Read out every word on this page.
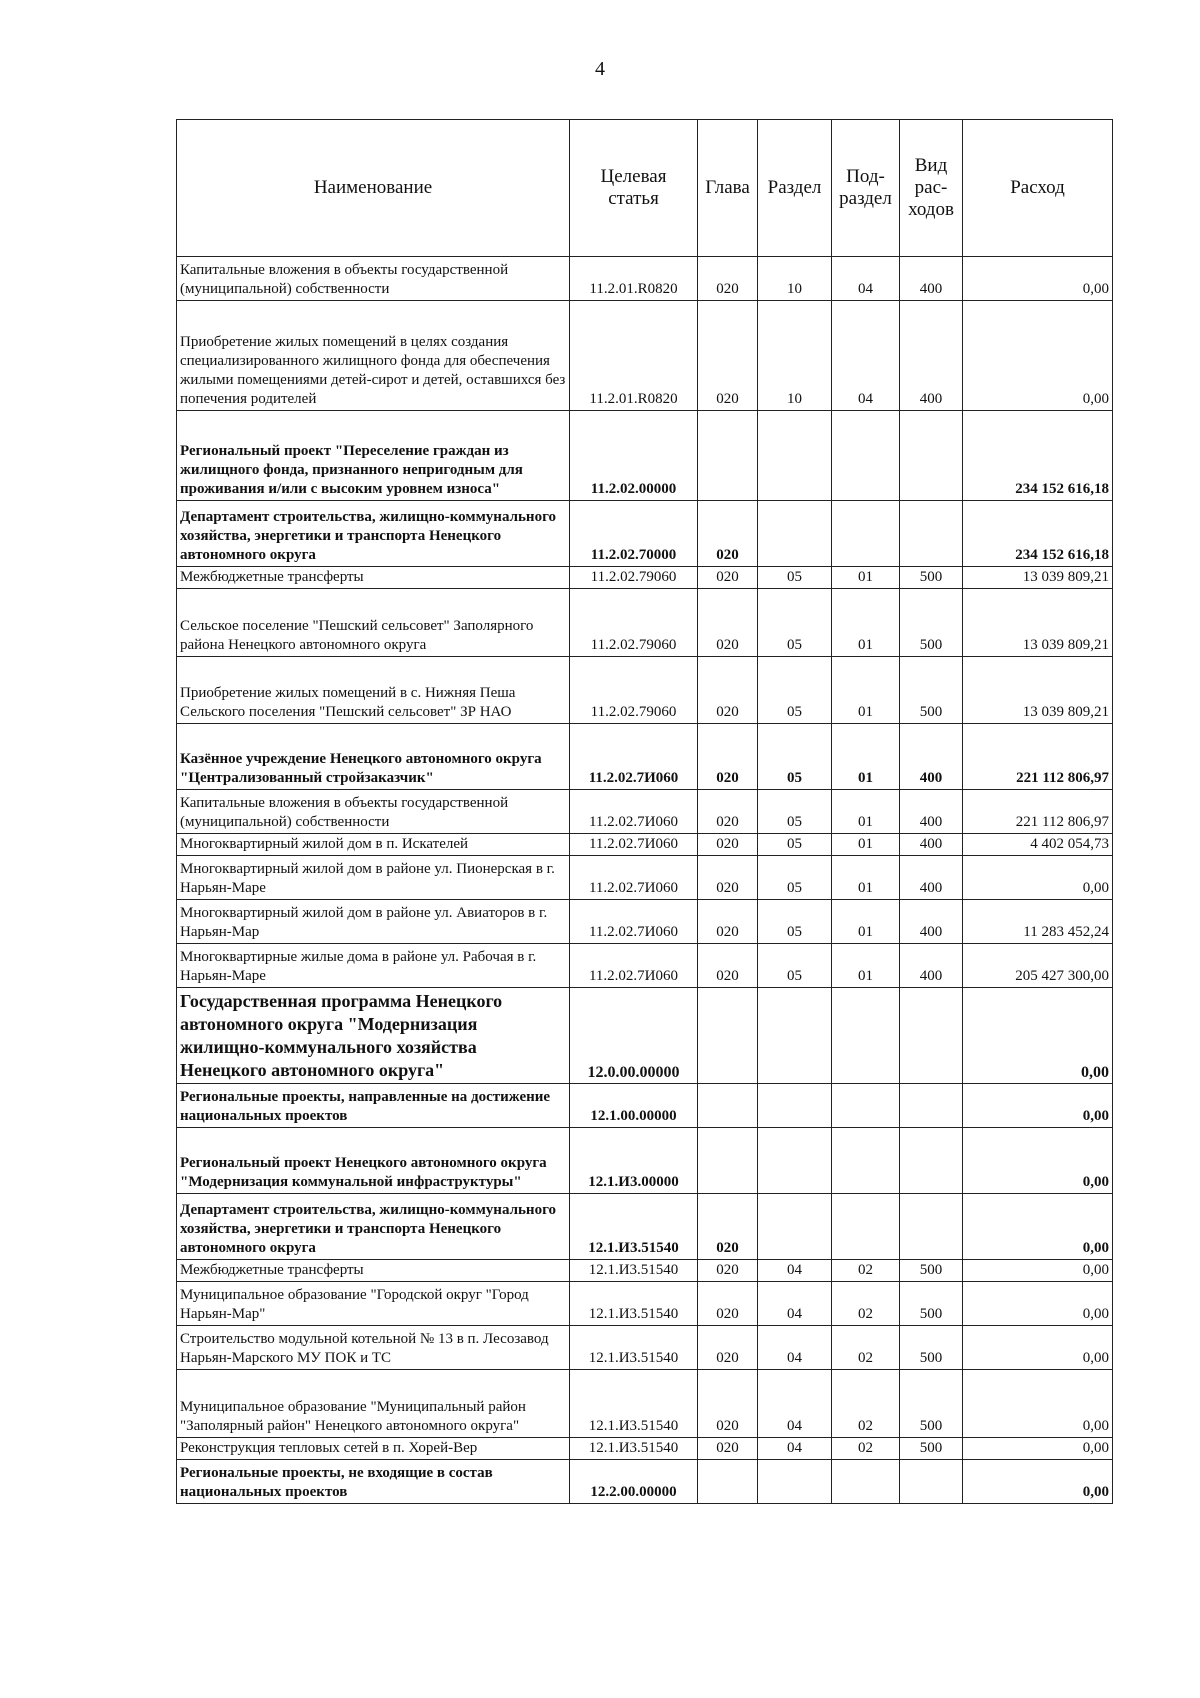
4
Наименование	Целевая статья	Глава	Раздел	Под-раздел	Вид рас-ходов	Расход
Капитальные вложения в объекты государственной (муниципальной) собственности	11.2.01.R0820	020	10	04	400	0,00
Приобретение жилых помещений в целях создания специализированного жилищного фонда для обеспечения жилыми помещениями детей-сирот и детей, оставшихся без попечения родителей	11.2.01.R0820	020	10	04	400	0,00
Региональный проект "Переселение граждан из жилищного фонда, признанного непригодным для проживания и/или с высоким уровнем износа"	11.2.02.00000					234 152 616,18
Департамент строительства, жилищно-коммунального хозяйства, энергетики и транспорта Ненецкого автономного округа	11.2.02.70000	020				234 152 616,18
Межбюджетные трансферты	11.2.02.79060	020	05	01	500	13 039 809,21
Сельское поселение "Пешский сельсовет" Заполярного района Ненецкого автономного округа	11.2.02.79060	020	05	01	500	13 039 809,21
Приобретение жилых помещений в с. Нижняя Пеша Сельского поселения "Пешский сельсовет" ЗР НАО	11.2.02.79060	020	05	01	500	13 039 809,21
Казённое учреждение Ненецкого автономного округа "Централизованный стройзаказчик"	11.2.02.7И060	020	05	01	400	221 112 806,97
Капитальные вложения в объекты государственной (муниципальной) собственности	11.2.02.7И060	020	05	01	400	221 112 806,97
Многоквартирный жилой дом в п. Искателей	11.2.02.7И060	020	05	01	400	4 402 054,73
Многоквартирный жилой дом в районе ул. Пионерская в г. Нарьян-Маре	11.2.02.7И060	020	05	01	400	0,00
Многоквартирный жилой дом в районе ул. Авиаторов в г. Нарьян-Мар	11.2.02.7И060	020	05	01	400	11 283 452,24
Многоквартирные жилые дома в районе ул. Рабочая в г. Нарьян-Маре	11.2.02.7И060	020	05	01	400	205 427 300,00
Государственная программа Ненецкого автономного округа "Модернизация жилищно-коммунального хозяйства Ненецкого автономного округа"	12.0.00.00000					0,00
Региональные проекты, направленные на достижение национальных проектов	12.1.00.00000					0,00
Региональный проект Ненецкого автономного округа "Модернизация коммунальной инфраструктуры"	12.1.И3.00000					0,00
Департамент строительства, жилищно-коммунального хозяйства, энергетики и транспорта Ненецкого автономного округа	12.1.И3.51540	020				0,00
Межбюджетные трансферты	12.1.И3.51540	020	04	02	500	0,00
Муниципальное образование "Городской округ "Город Нарьян-Мар"	12.1.И3.51540	020	04	02	500	0,00
Строительство модульной котельной № 13 в п. Лесозавод Нарьян-Марского МУ ПОК и ТС	12.1.И3.51540	020	04	02	500	0,00
Муниципальное образование "Муниципальный район "Заполярный район" Ненецкого автономного округа"	12.1.И3.51540	020	04	02	500	0,00
Реконструкция тепловых сетей в п. Хорей-Вер	12.1.И3.51540	020	04	02	500	0,00
Региональные проекты, не входящие в состав национальных проектов	12.2.00.00000					0,00
